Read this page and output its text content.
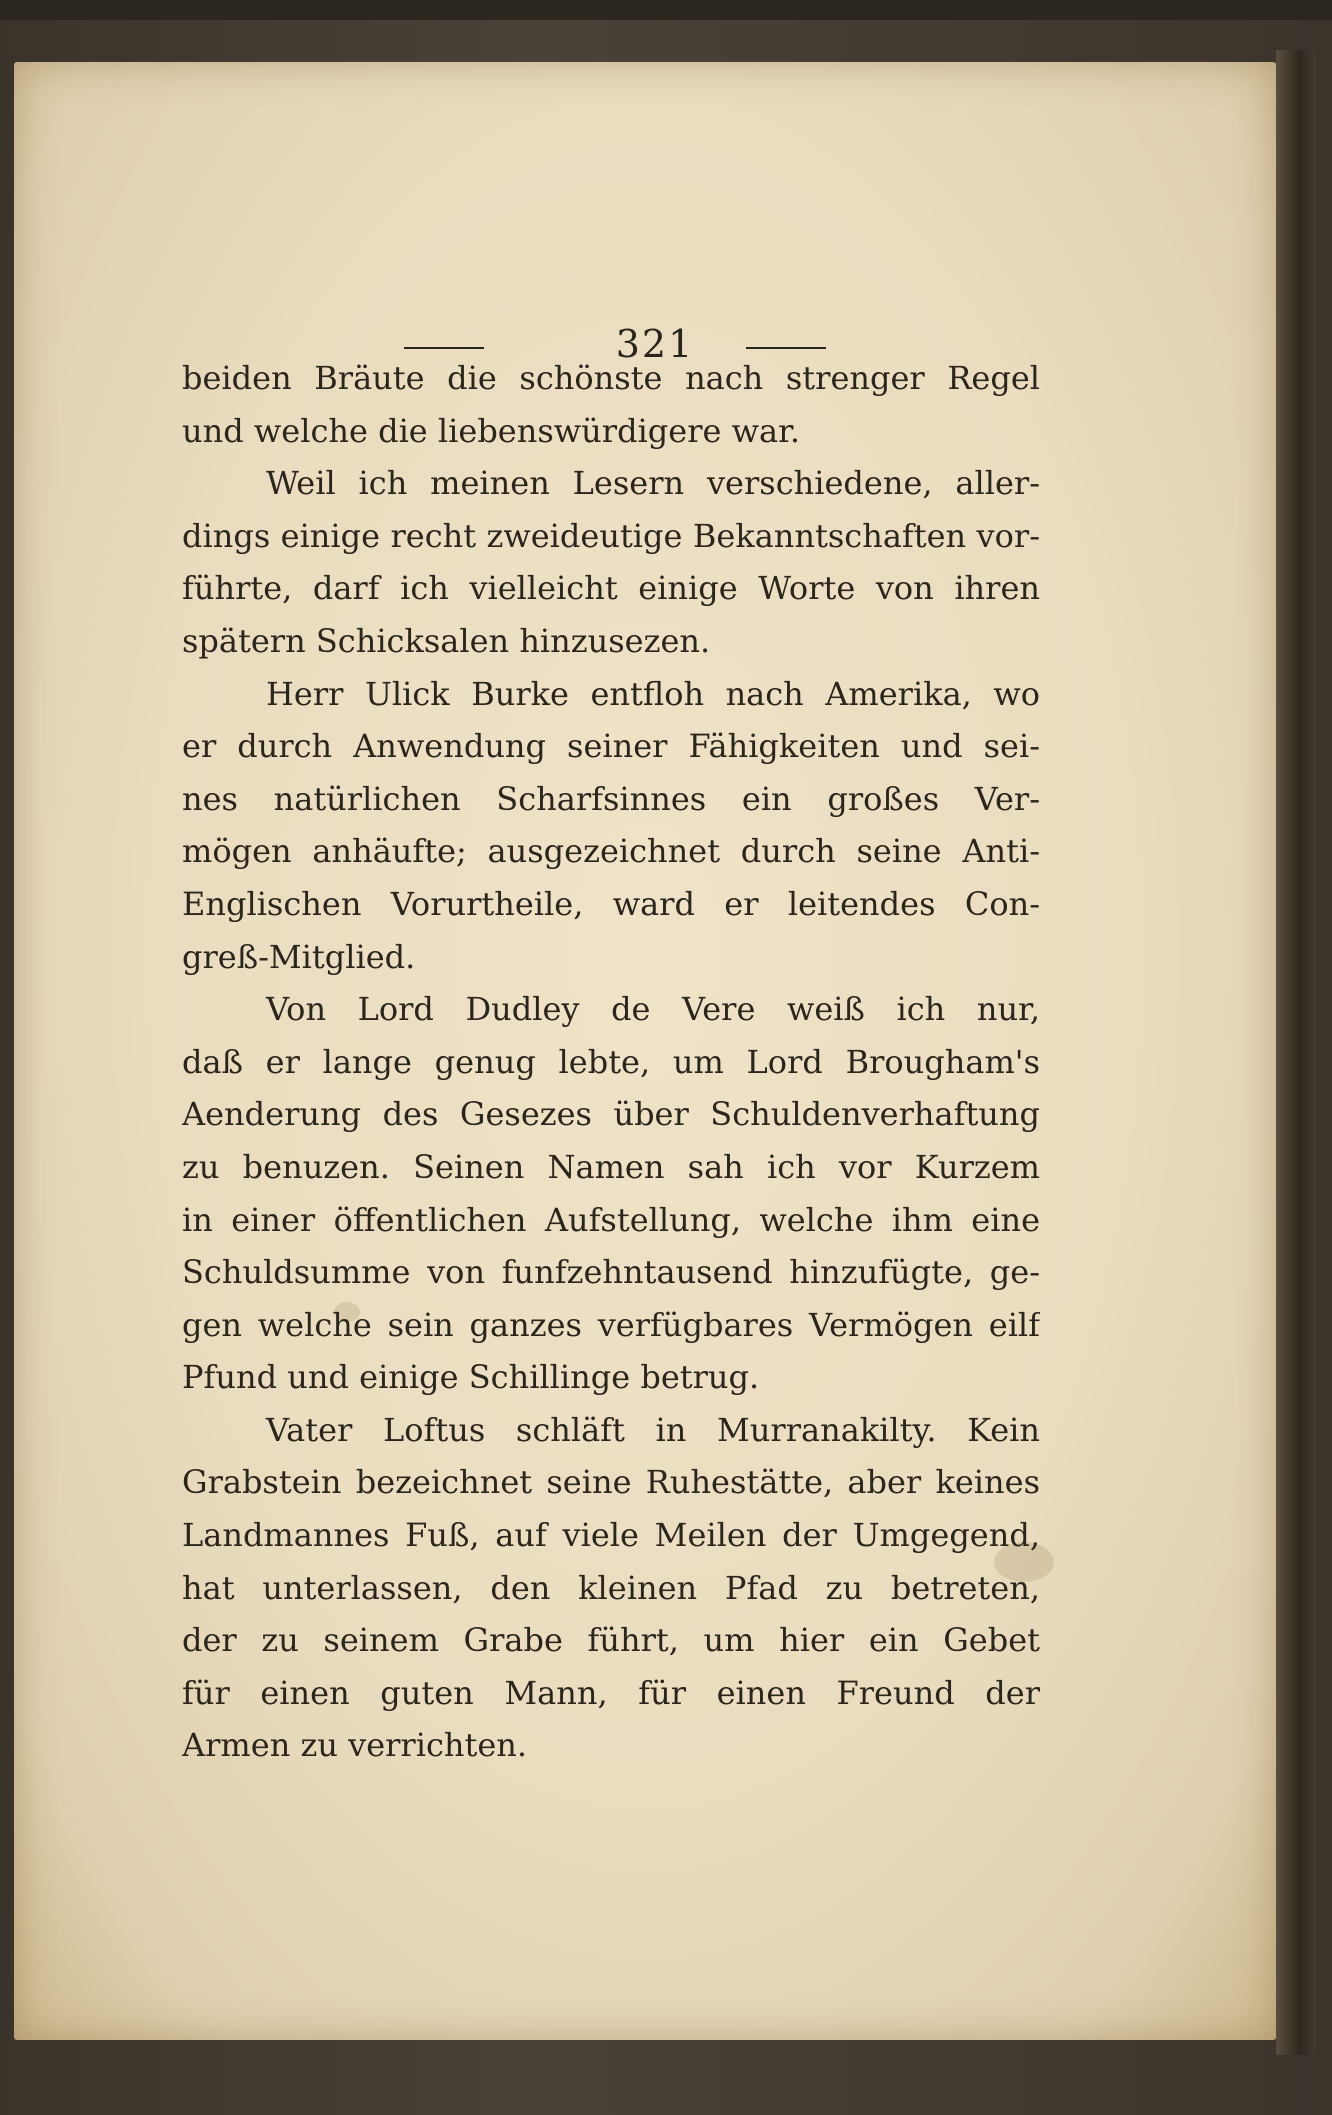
321
beiden Bräute die schönste nach strenger Regel
und welche die liebenswürdigere war.
Weil ich meinen Lesern verschiedene, aller-
dings einige recht zweideutige Bekanntschaften vor-
führte, darf ich vielleicht einige Worte von ihren
spätern Schicksalen hinzusezen.
Herr Ulick Burke entfloh nach Amerika, wo
er durch Anwendung seiner Fähigkeiten und sei-
nes natürlichen Scharfsinnes ein großes Ver-
mögen anhäufte; ausgezeichnet durch seine Anti-
Englischen Vorurtheile, ward er leitendes Con-
greß-Mitglied.
Von Lord Dudley de Vere weiß ich nur,
daß er lange genug lebte, um Lord Brougham's
Aenderung des Gesezes über Schuldenverhaftung
zu benuzen. Seinen Namen sah ich vor Kurzem
in einer öffentlichen Aufstellung, welche ihm eine
Schuldsumme von funfzehntausend hinzufügte, ge-
gen welche sein ganzes verfügbares Vermögen eilf
Pfund und einige Schillinge betrug.
Vater Loftus schläft in Murranakilty. Kein
Grabstein bezeichnet seine Ruhestätte, aber keines
Landmannes Fuß, auf viele Meilen der Umgegend,
hat unterlassen, den kleinen Pfad zu betreten,
der zu seinem Grabe führt, um hier ein Gebet
für einen guten Mann, für einen Freund der
Armen zu verrichten.
